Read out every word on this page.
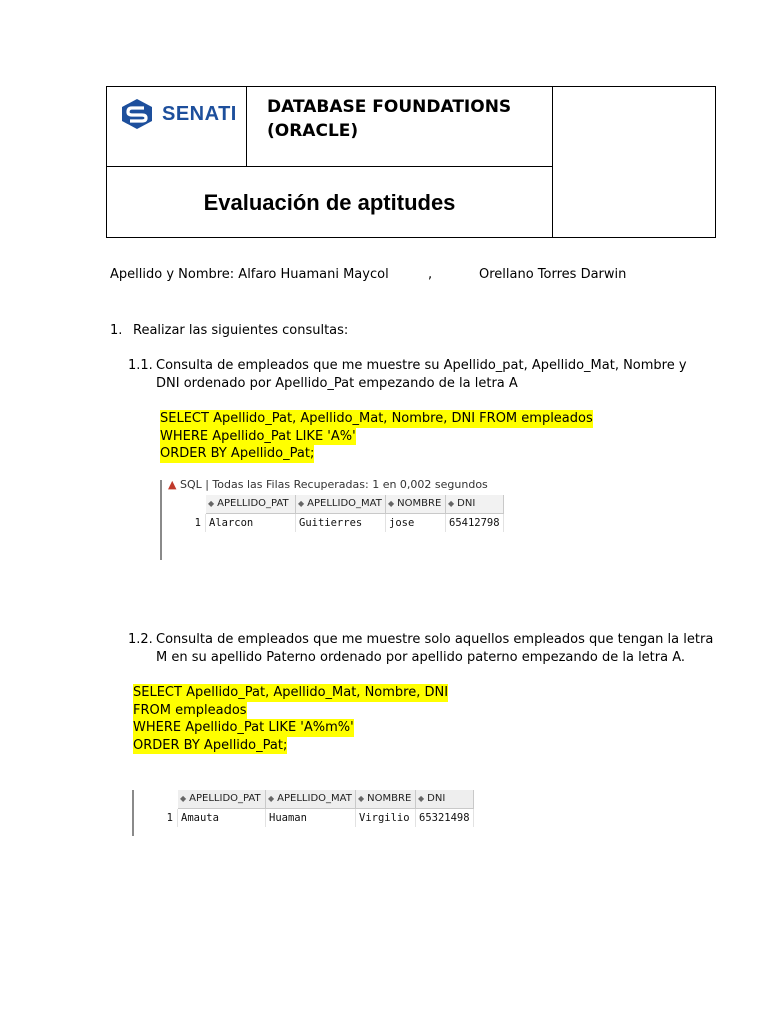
SENATI DATABASE FOUNDATIONS
(ORACLE)
Evaluación de aptitudes
Apellido y Nombre: Alfaro Huamani Maycol	,	Orellano Torres Darwin
1. Realizar las siguientes consultas:
1.1. Consulta de empleados que me muestre su Apellido_pat, Apellido_Mat, Nombre y
DNI ordenado por Apellido_Pat empezando de la letra A
SELECT Apellido_Pat, Apellido_Mat, Nombre, DNI FROM empleados
WHERE Apellido_Pat LIKE 'A%'
ORDER BY Apellido_Pat;
▲ SQL | Todas las Filas Recuperadas: 1 en 0,002 segundos
◆ APELLIDO_PAT	◆ APELLIDO_MAT ◆ NOMBRE ◆ DNI
1 Alarcon	Guitierres	jose	65412798
1.2. Consulta de empleados que me muestre solo aquellos empleados que tengan la letra
M en su apellido Paterno ordenado por apellido paterno empezando de la letra A.
SELECT Apellido_Pat, Apellido_Mat, Nombre, DNI
FROM empleados
WHERE Apellido_Pat LIKE 'A%m%'
ORDER BY Apellido_Pat;
◆ APELLIDO_PAT ◆ APELLIDO_MAT ◆ NOMBRE ◆ DNI
1 Amauta	Huaman	Virgilio 65321498
